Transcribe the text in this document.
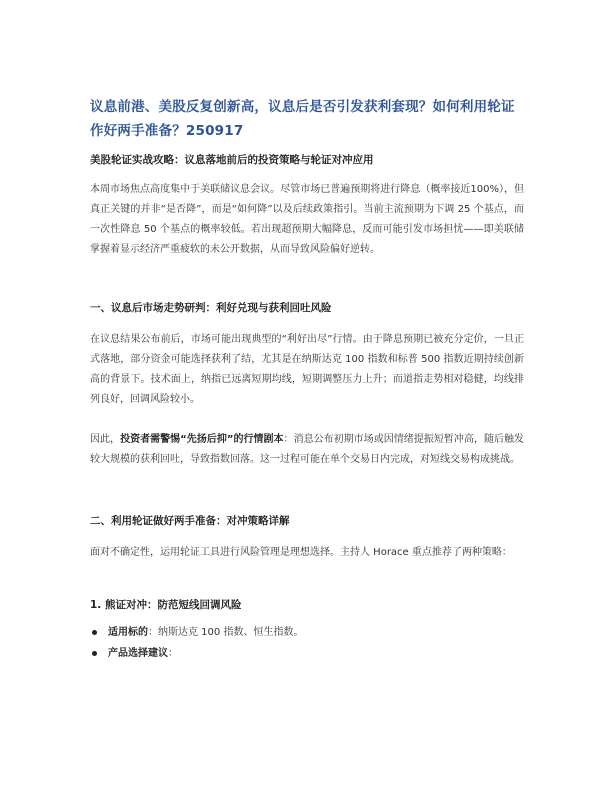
议息前港、美股反复创新高，议息后是否引发获利套现？如何利用轮证作好两手准备？250917

美股轮证实战攻略：议息落地前后的投资策略与轮证对冲应用

本周市场焦点高度集中于美联储议息会议。尽管市场已普遍预期将进行降息（概率接近100%），但真正关键的并非“是否降”，而是“如何降”以及后续政策指引。当前主流预期为下调 25 个基点，而一次性降息 50 个基点的概率较低。若出现超预期大幅降息，反而可能引发市场担忧——即美联储掌握着显示经济严重疲软的未公开数据，从而导致风险偏好逆转。

一、议息后市场走势研判：利好兑现与获利回吐风险

在议息结果公布前后，市场可能出现典型的“利好出尽”行情。由于降息预期已被充分定价，一旦正式落地，部分资金可能选择获利了结，尤其是在纳斯达克 100 指数和标普 500 指数近期持续创新高的背景下。技术面上，纳指已远离短期均线，短期调整压力上升；而道指走势相对稳健，均线排列良好，回调风险较小。

因此，投资者需警惕“先扬后抑”的行情剧本：消息公布初期市场或因情绪提振短暂冲高，随后触发较大规模的获利回吐，导致指数回落。这一过程可能在单个交易日内完成，对短线交易构成挑战。

二、利用轮证做好两手准备：对冲策略详解

面对不确定性，运用轮证工具进行风险管理是理想选择。主持人 Horace 重点推荐了两种策略：

1. 熊证对冲：防范短线回调风险

适用标的：纳斯达克 100 指数、恒生指数。
产品选择建议：
